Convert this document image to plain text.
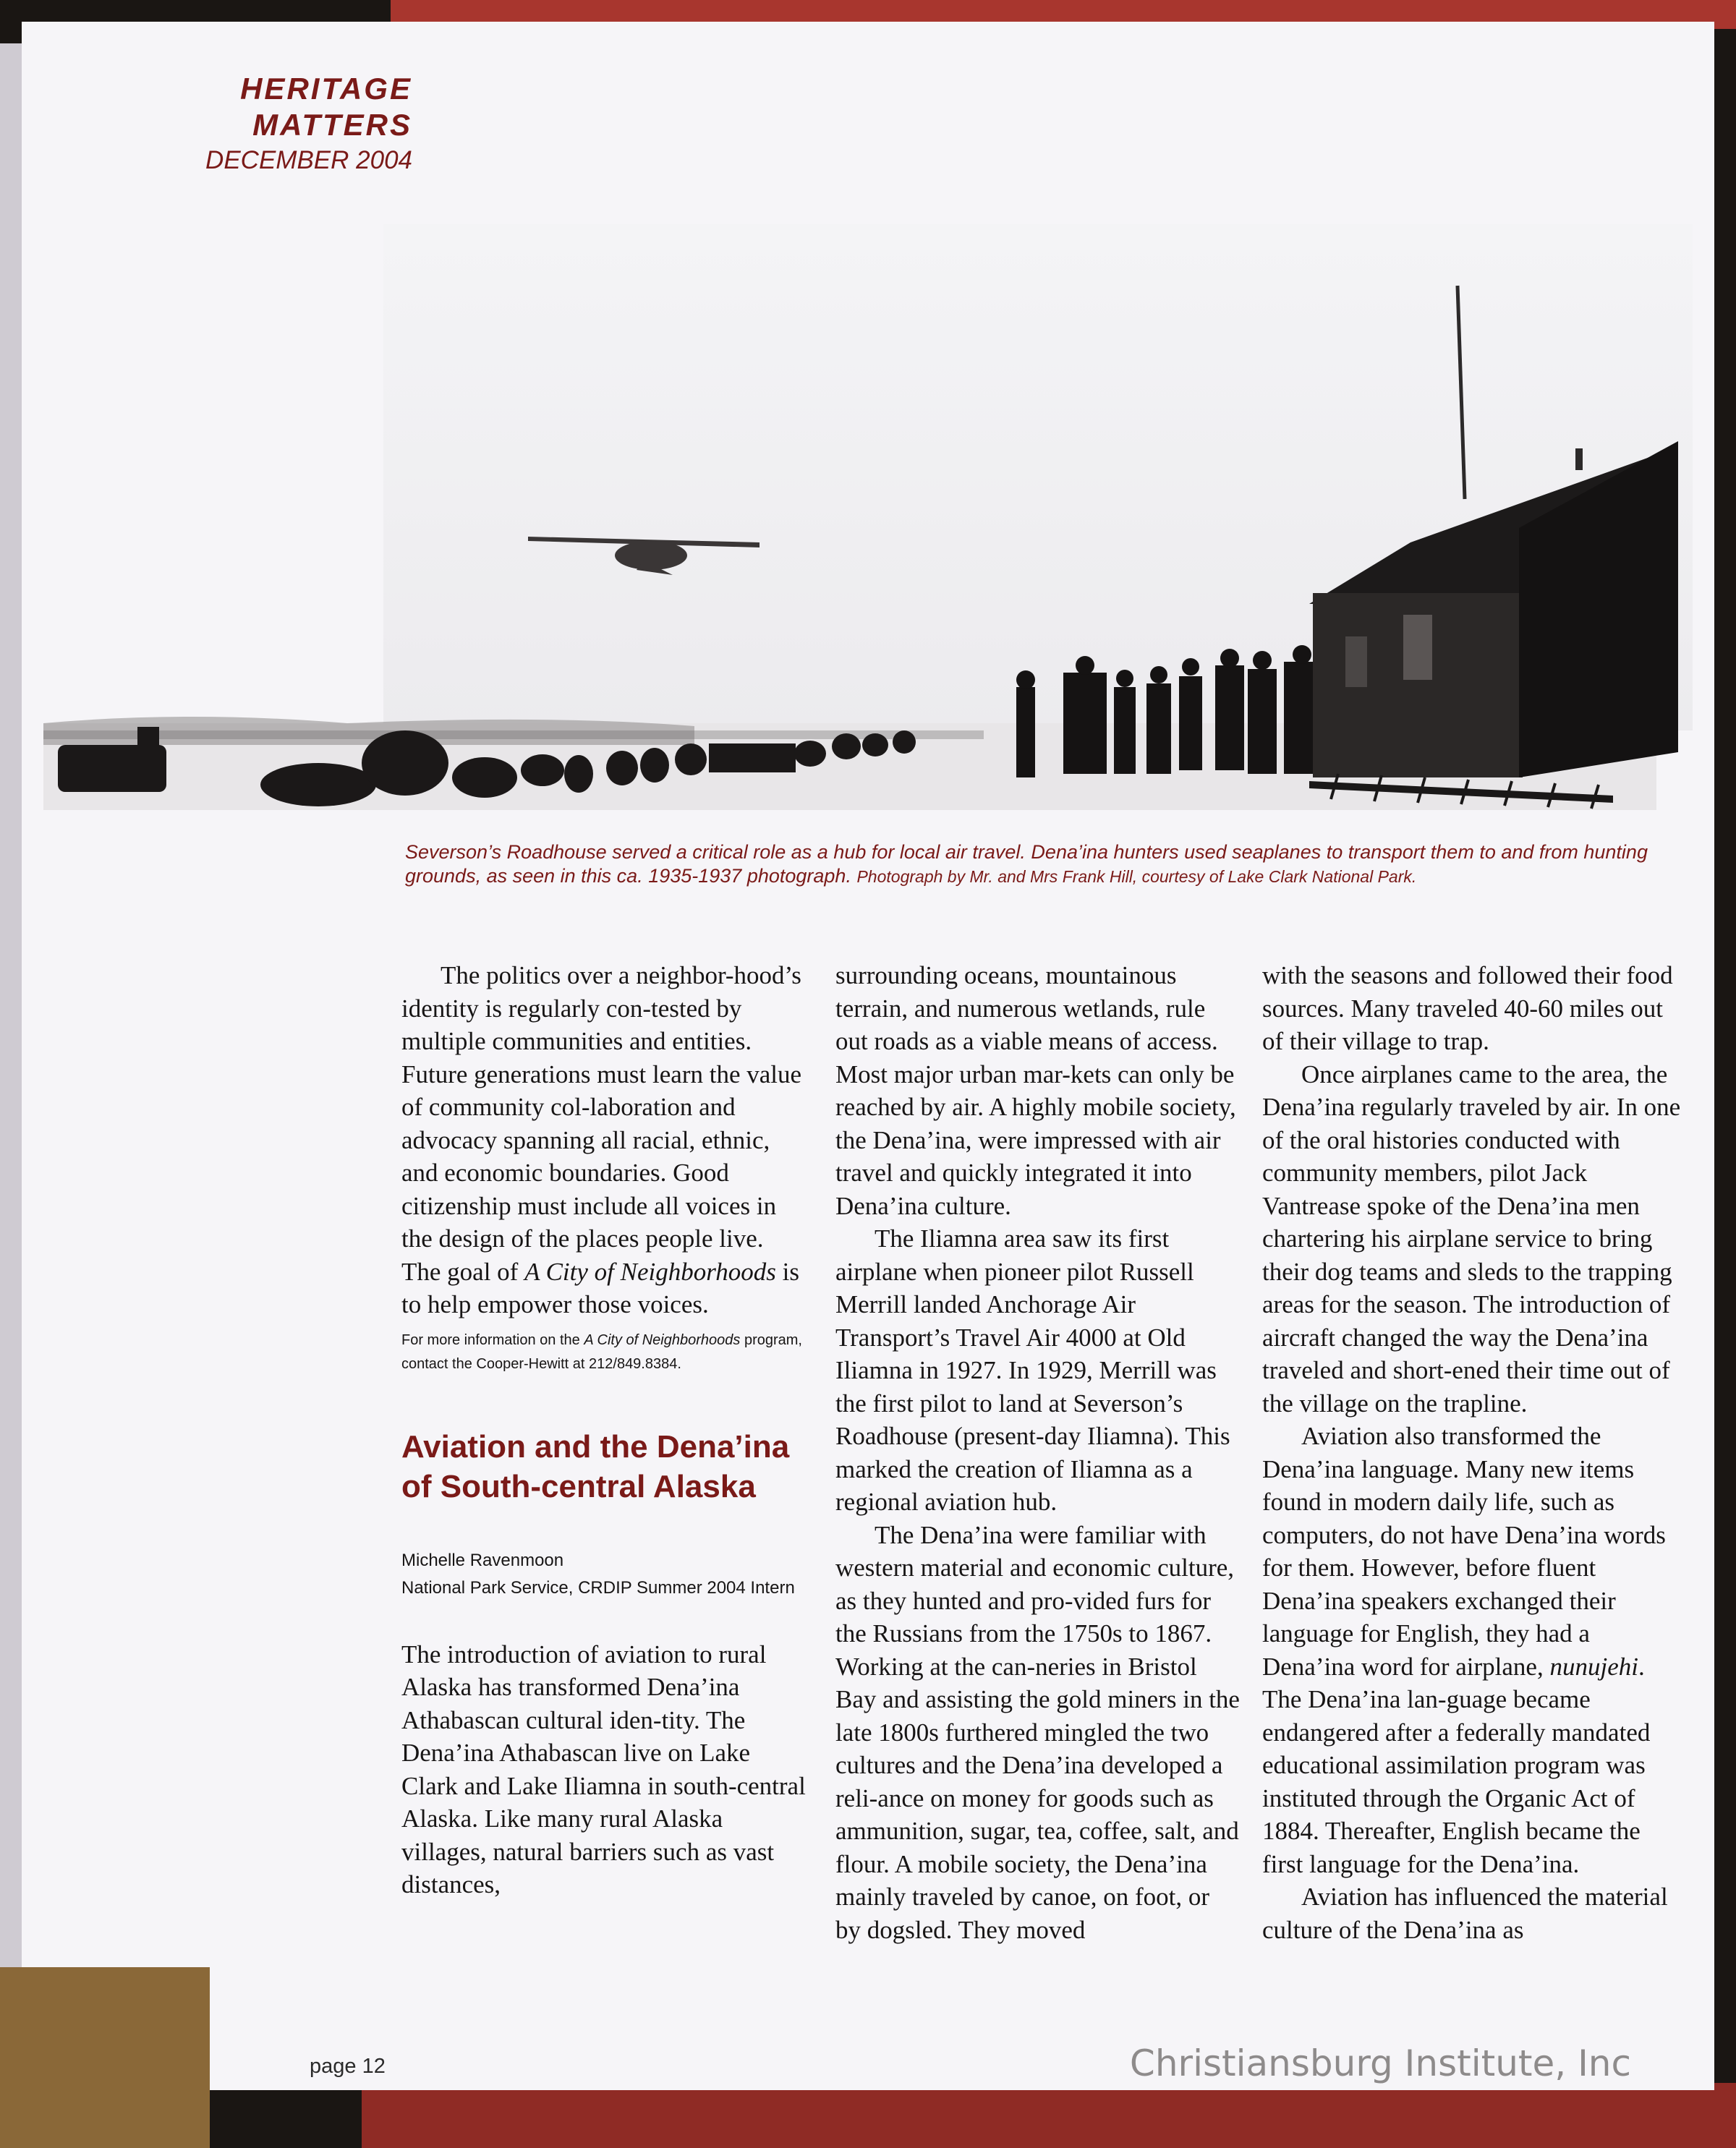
HERITAGE
MATTERS
DECEMBER 2004
Severson’s Roadhouse served a critical role as a hub for local air travel. Dena’ina hunters used seaplanes to transport them to and from hunting grounds, as seen in this ca. 1935-1937 photograph. Photograph by Mr. and Mrs Frank Hill, courtesy of Lake Clark National Park.

The politics over a neighbor-hood’s identity is regularly con-tested by multiple communities and entities. Future generations must learn the value of community col-laboration and advocacy spanning all racial, ethnic, and economic boundaries. Good citizenship must include all voices in the design of the places people live. The goal of A City of Neighborhoods is to help empower those voices.

For more information on the A City of Neighborhoods program, contact the Cooper-Hewitt at 212/849.8384.
Aviation and the Dena’ina of South-central Alaska
Michelle Ravenmoon
National Park Service, CRDIP Summer 2004 Intern

The introduction of aviation to rural Alaska has transformed Dena’ina Athabascan cultural iden-tity. The Dena’ina Athabascan live on Lake Clark and Lake Iliamna in south-central Alaska. Like many rural Alaska villages, natural barriers such as vast distances,

surrounding oceans, mountainous terrain, and numerous wetlands, rule out roads as a viable means of access. Most major urban mar-kets can only be reached by air. A highly mobile society, the Dena’ina, were impressed with air travel and quickly integrated it into Dena’ina culture.

The Iliamna area saw its first airplane when pioneer pilot Russell Merrill landed Anchorage Air Transport’s Travel Air 4000 at Old Iliamna in 1927. In 1929, Merrill was the first pilot to land at Severson’s Roadhouse (present-day Iliamna). This marked the creation of Iliamna as a regional aviation hub.

The Dena’ina were familiar with western material and economic culture, as they hunted and pro-vided furs for the Russians from the 1750s to 1867. Working at the can-neries in Bristol Bay and assisting the gold miners in the late 1800s furthered mingled the two cultures and the Dena’ina developed a reli-ance on money for goods such as ammunition, sugar, tea, coffee, salt, and flour. A mobile society, the Dena’ina mainly traveled by canoe, on foot, or by dogsled. They moved

with the seasons and followed their food sources. Many traveled 40-60 miles out of their village to trap.

Once airplanes came to the area, the Dena’ina regularly traveled by air. In one of the oral histories conducted with community members, pilot Jack Vantrease spoke of the Dena’ina men chartering his airplane service to bring their dog teams and sleds to the trapping areas for the season. The introduction of aircraft changed the way the Dena’ina traveled and short-ened their time out of the village on the trapline.

Aviation also transformed the Dena’ina language. Many new items found in modern daily life, such as computers, do not have Dena’ina words for them. However, before fluent Dena’ina speakers exchanged their language for English, they had a Dena’ina word for airplane, nunujehi. The Dena’ina lan-guage became endangered after a federally mandated educational assimilation program was instituted through the Organic Act of 1884. Thereafter, English became the first language for the Dena’ina.

Aviation has influenced the material culture of the Dena’ina as

page 12	Christiansburg Institute, Inc
